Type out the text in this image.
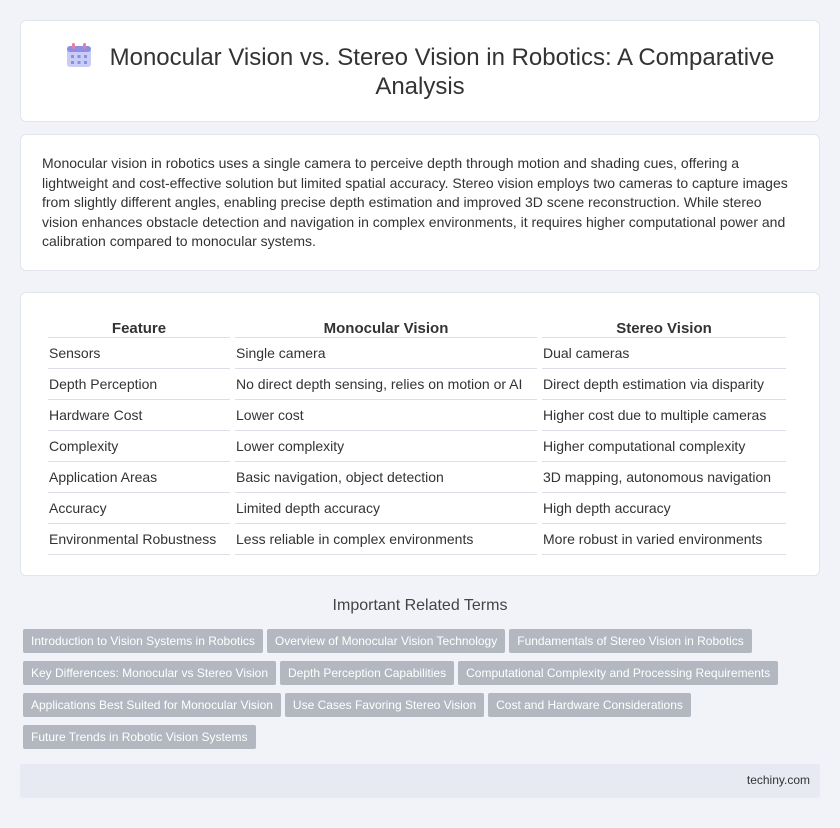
Monocular Vision vs. Stereo Vision in Robotics: A Comparative Analysis

Monocular vision in robotics uses a single camera to perceive depth through motion and shading cues, offering a lightweight and cost-effective solution but limited spatial accuracy. Stereo vision employs two cameras to capture images from slightly different angles, enabling precise depth estimation and improved 3D scene reconstruction. While stereo vision enhances obstacle detection and navigation in complex environments, it requires higher computational power and calibration compared to monocular systems.

Feature	Monocular Vision	Stereo Vision
Sensors	Single camera	Dual cameras
Depth Perception	No direct depth sensing, relies on motion or AI	Direct depth estimation via disparity
Hardware Cost	Lower cost	Higher cost due to multiple cameras
Complexity	Lower complexity	Higher computational complexity
Application Areas	Basic navigation, object detection	3D mapping, autonomous navigation
Accuracy	Limited depth accuracy	High depth accuracy
Environmental Robustness	Less reliable in complex environments	More robust in varied environments
Important Related Terms
Introduction to Vision Systems in Robotics Overview of Monocular Vision Technology Fundamentals of Stereo Vision in RoboticsKey Differences: Monocular vs Stereo Vision Depth Perception Capabilities Computational Complexity and Processing RequirementsApplications Best Suited for Monocular Vision Use Cases Favoring Stereo Vision Cost and Hardware ConsiderationsFuture Trends in Robotic Vision Systems
techiny.com
